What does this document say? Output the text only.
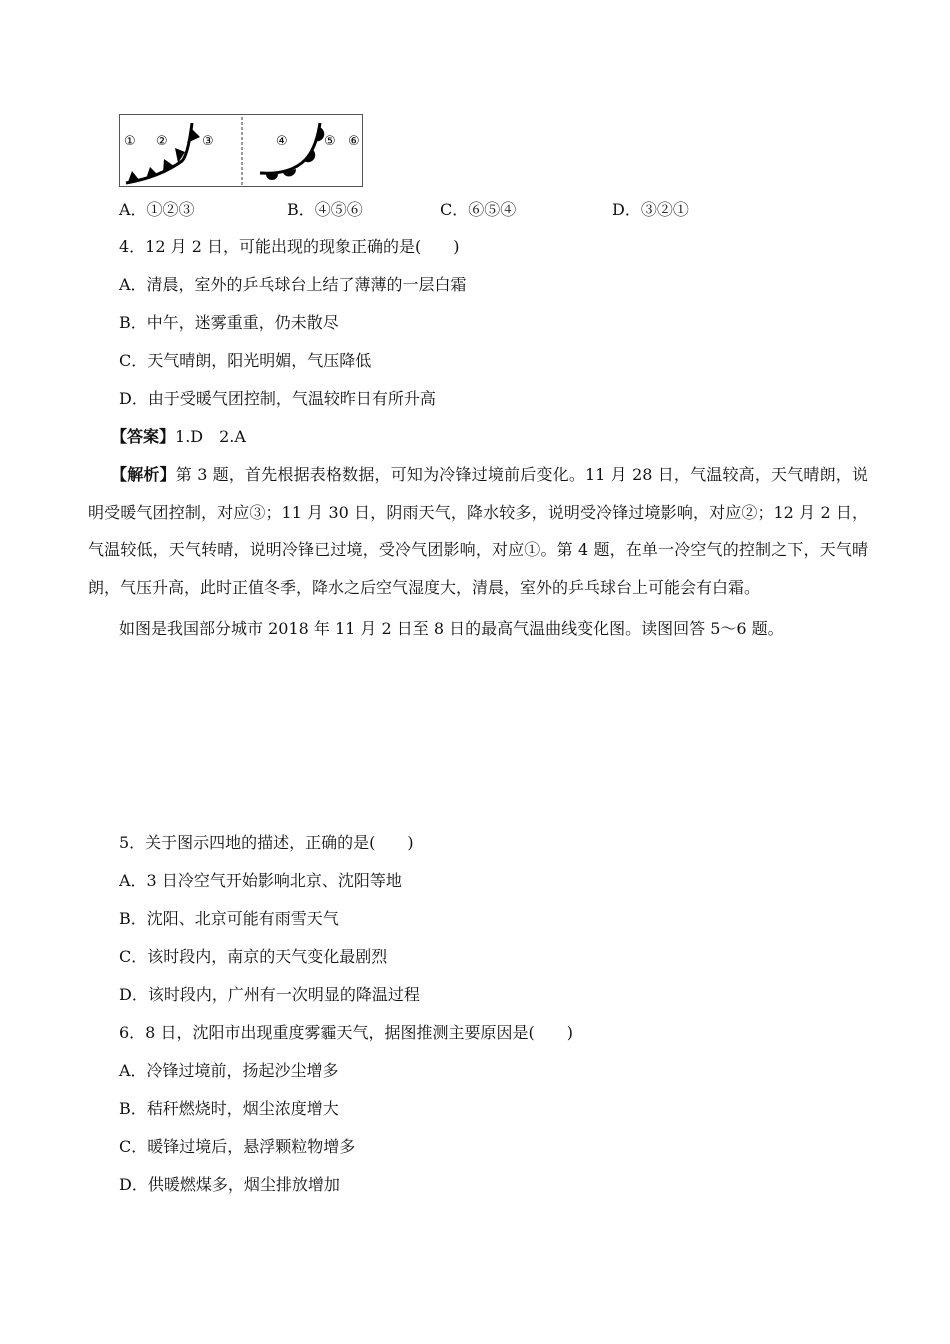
① ②	③	④	⑤ ⑥
A．①②③	B．④⑤⑥	C．⑥⑤④	D．③②①
4．12 月 2 日，可能出现的现象正确的是(　　)
A．清晨，室外的乒乓球台上结了薄薄的一层白霜
B．中午，迷雾重重，仍未散尽
C．天气晴朗，阳光明媚，气压降低
D．由于受暖气团控制，气温较昨日有所升高
【答案】1.D　2.A
【解析】第 3 题，首先根据表格数据，可知为冷锋过境前后变化。11 月 28 日，气温较高，天气晴朗，说明受暖气团控制，对应③；11 月 30 日，阴雨天气，降水较多，说明受冷锋过境影响，对应②；12 月 2 日，气温较低，天气转晴，说明冷锋已过境，受冷气团影响，对应①。第 4 题，在单一冷空气的控制之下，天气晴朗，气压升高，此时正值冬季，降水之后空气湿度大，清晨，室外的乒乓球台上可能会有白霜。
如图是我国部分城市 2018 年 11 月 2 日至 8 日的最高气温曲线变化图。读图回答 5～6 题。
5．关于图示四地的描述，正确的是(　　)
A．3 日冷空气开始影响北京、沈阳等地
B．沈阳、北京可能有雨雪天气
C．该时段内，南京的天气变化最剧烈
D．该时段内，广州有一次明显的降温过程
6．8 日，沈阳市出现重度雾霾天气，据图推测主要原因是(　　)
A．冷锋过境前，扬起沙尘增多
B．秸秆燃烧时，烟尘浓度增大
C．暖锋过境后，悬浮颗粒物增多
D．供暖燃煤多，烟尘排放增加
